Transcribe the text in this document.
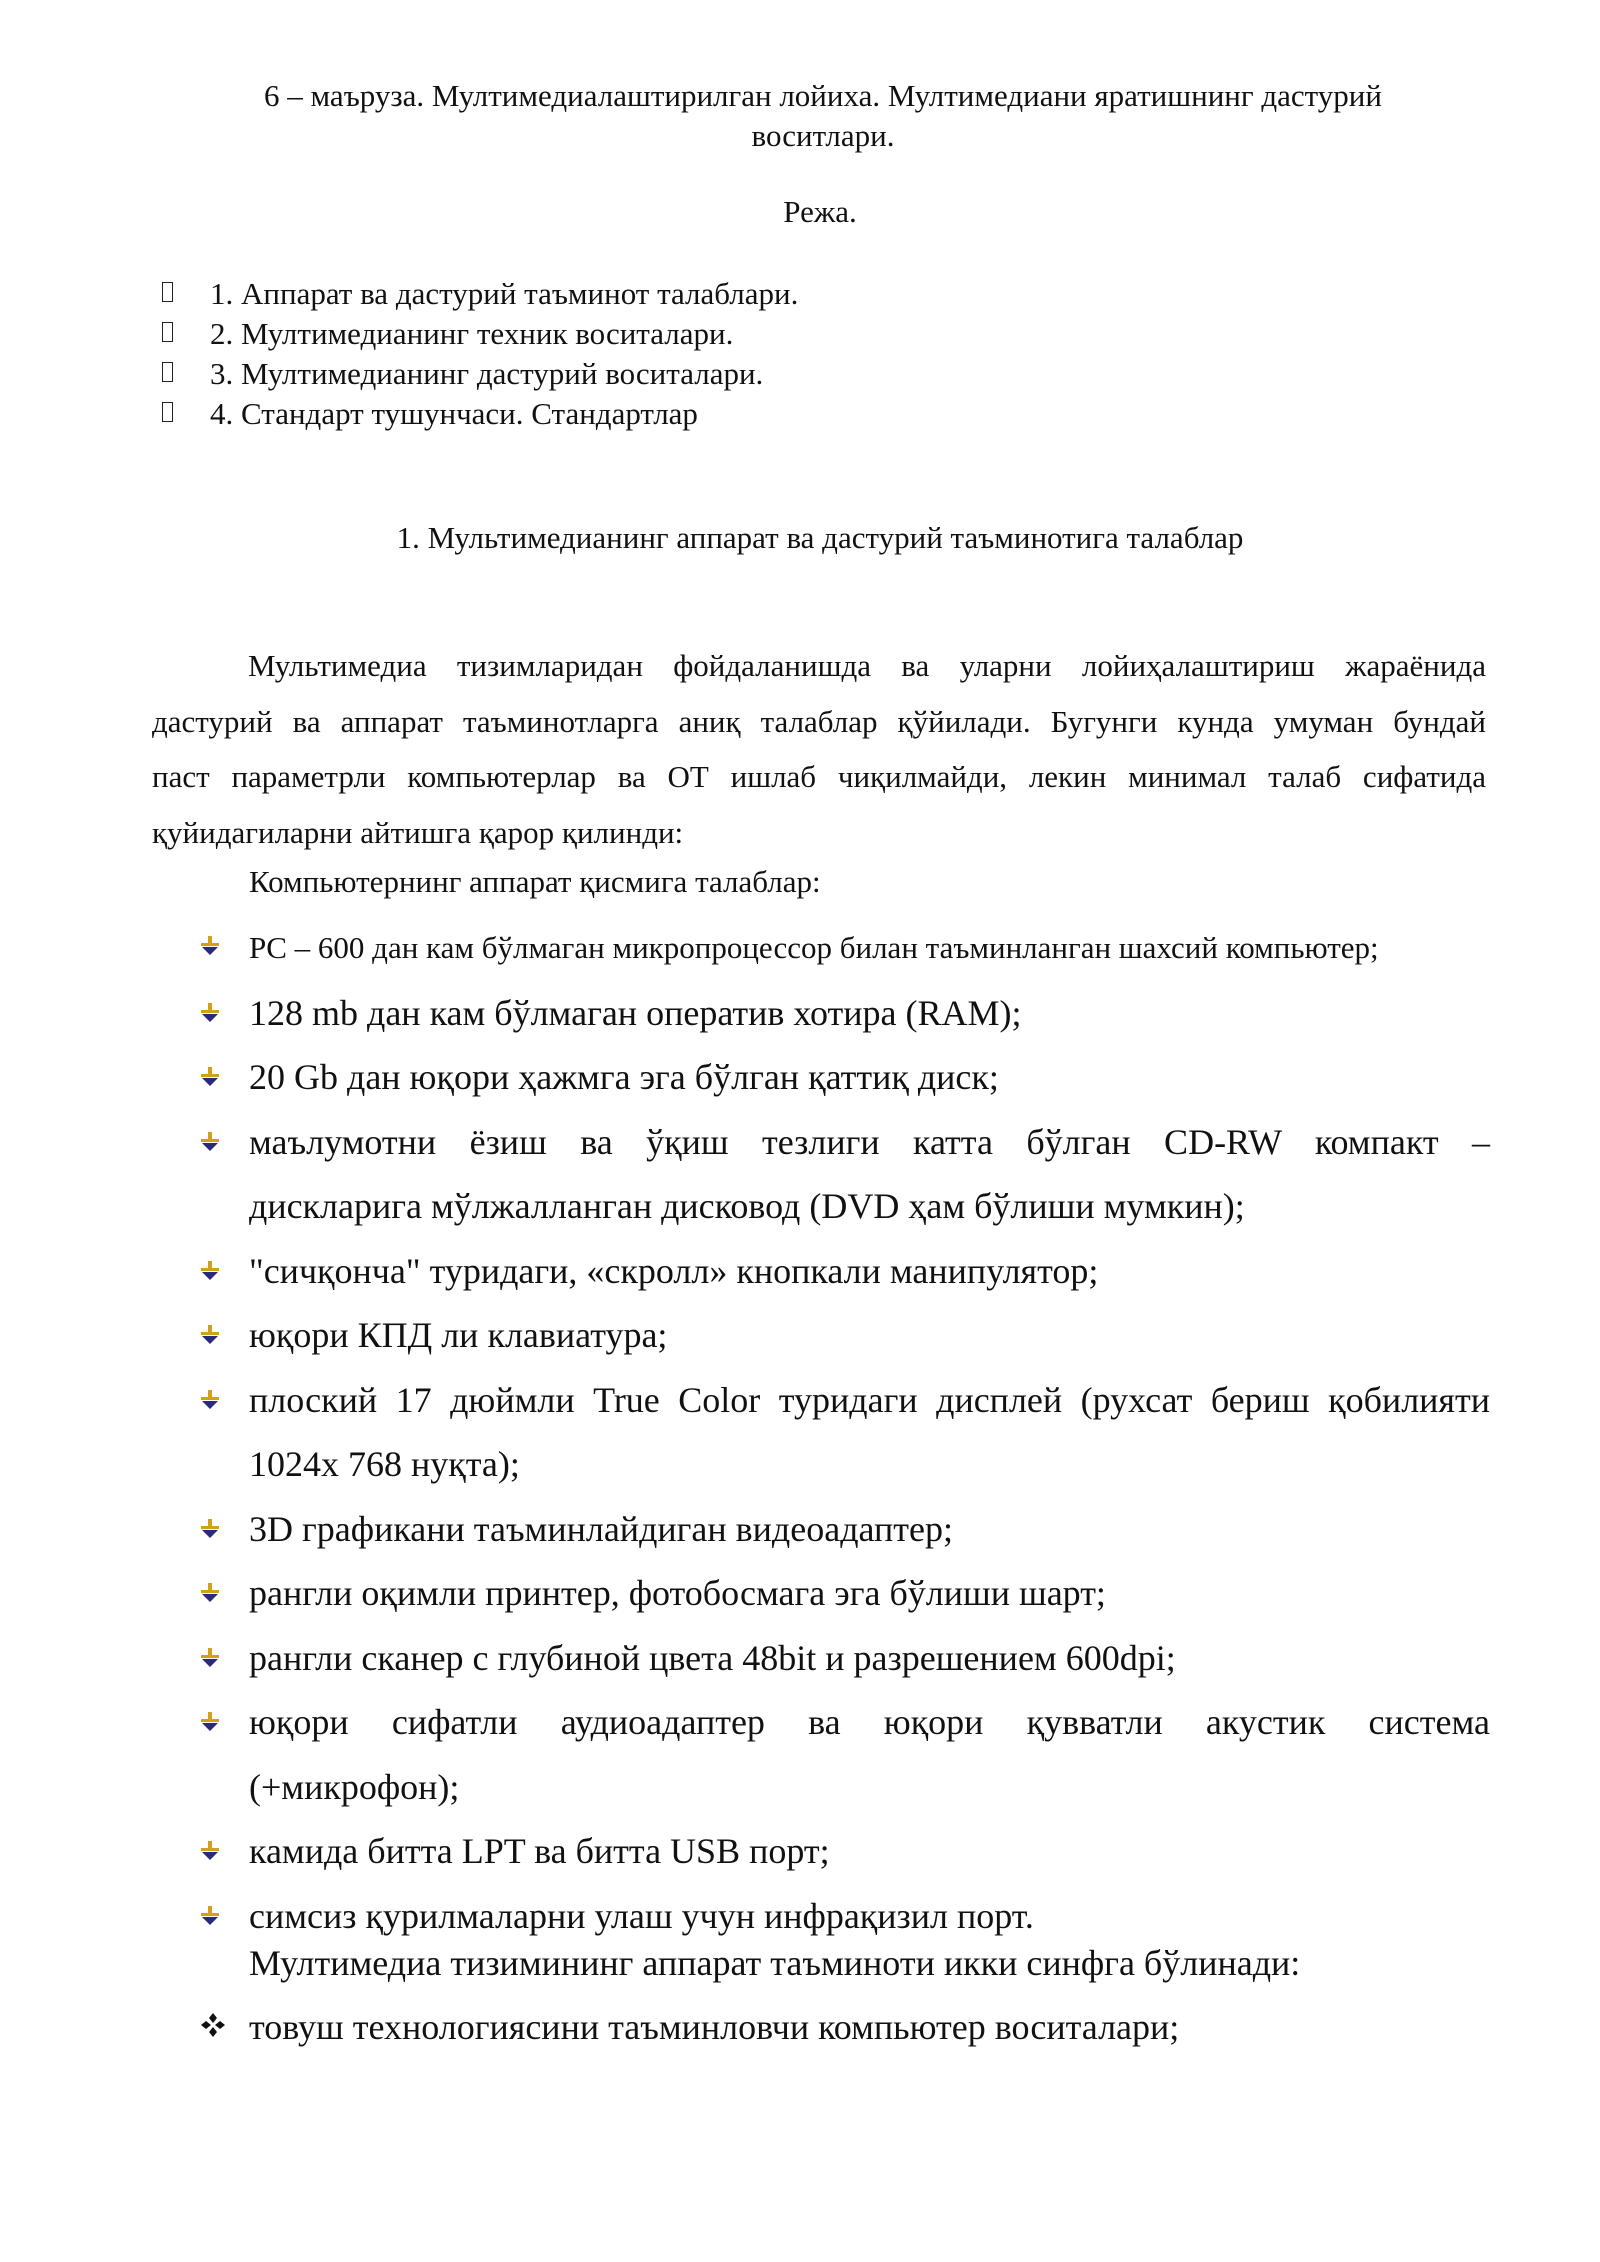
6 – маъруза. Мултимедиалаштирилган лойиха. Мултимедиани яратишнинг дастурий
воситлари.
Режа.
1. Аппарат ва дастурий таъминот талаблари.
2. Мултимедианинг техник воситалари.
3. Мултимедианинг дастурий воситалари.
4. Стандарт тушунчаси. Стандартлар
1. Мультимедианинг аппарат ва дастурий таъминотига талаблар
Мультимедиа тизимларидан фойдаланишда ва уларни лойиҳалаштириш жараёнида
дастурий ва аппарат таъминотларга аниқ талаблар қўйилади. Бугунги кунда умуман бундай
паст параметрли компьютерлар ва ОТ ишлаб чиқилмайди, лекин минимал талаб сифатида
қуйидагиларни айтишга қарор қилинди:
Компьютернинг аппарат қисмига талаблар:
PC – 600 дан кам бўлмаган микропроцессор билан таъминланган шахсий компьютер;
128 mb дан кам бўлмаган оператив хотира (RAM);
20 Gb дан юқори ҳажмга эга бўлган қаттиқ диск;
маълумотни ёзиш ва ўқиш тезлиги катта бўлган CD-RW компакт –
дискларига мўлжалланган дисковод (DVD ҳам бўлиши мумкин);
"сичқонча" туридаги, «скролл» кнопкали манипулятор;
юқори КПД ли клавиатура;
плоский 17 дюймли True Color туридаги дисплей (рухсат бериш қобилияти
1024x 768 нуқта);
3D графикани таъминлайдиган видеоадаптер;
рангли оқимли принтер, фотобосмага эга бўлиши шарт;
рангли сканер с глубиной цвета 48bit и разрешением 600dpi;
юқори сифатли аудиоадаптер ва юқори қувватли акустик система
(+микрофон);
камида битта LPT ва битта USB порт;
симсиз қурилмаларни улаш учун инфрақизил порт.
Мултимедиа тизимининг аппарат таъминоти икки синфга бўлинади:
товуш технологиясини таъминловчи компьютер воситалари;
